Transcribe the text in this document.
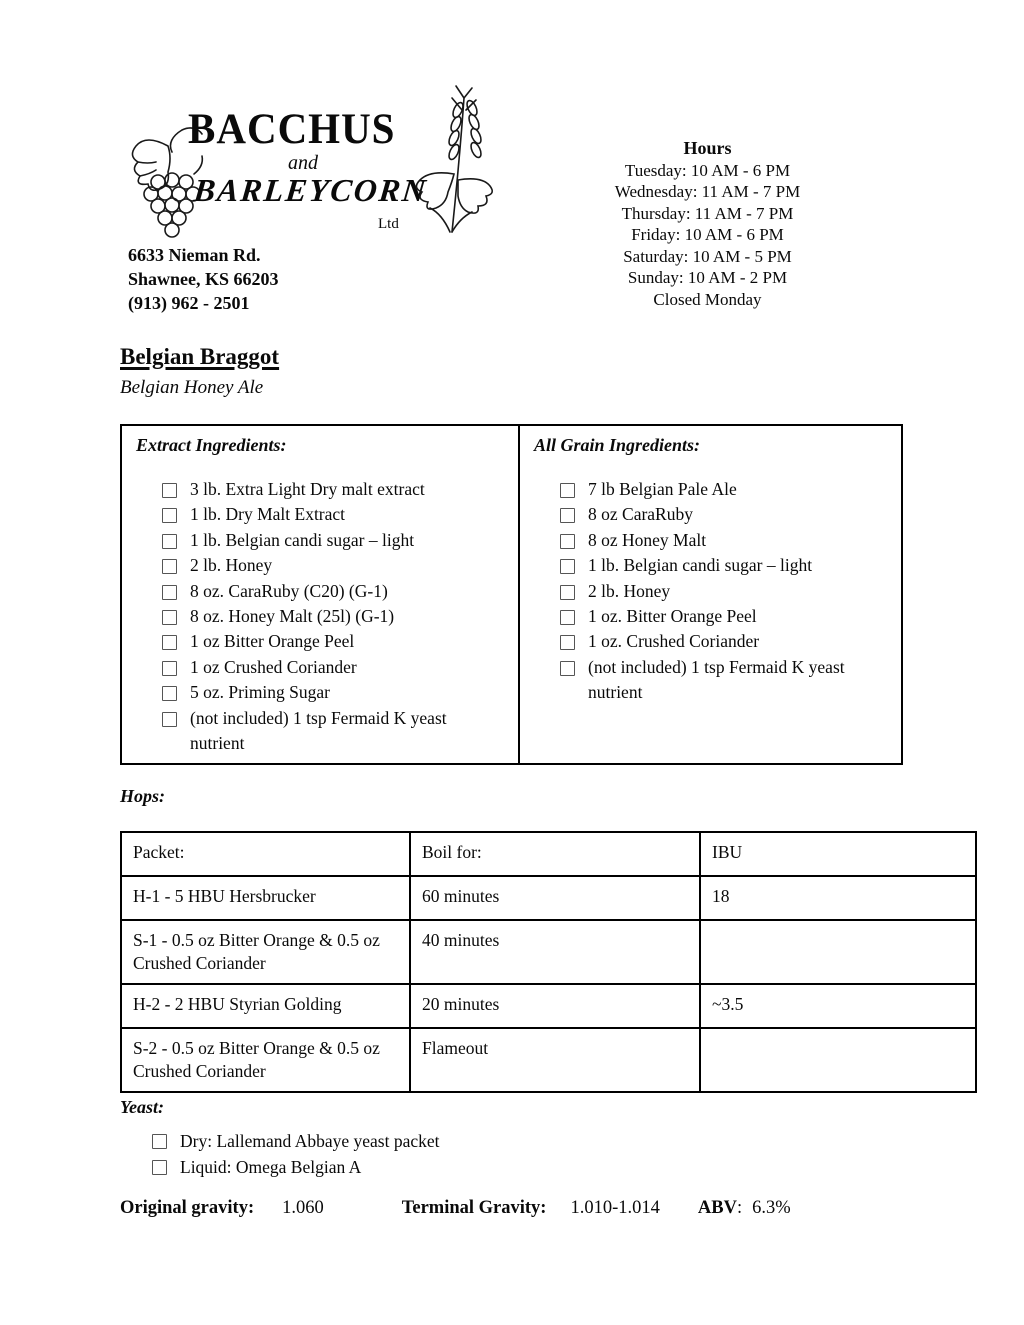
BACCHUS
and
BARLEYCORN
Ltd
6633 Nieman Rd.
Shawnee, KS 66203
(913) 962 - 2501
Hours
Tuesday: 10 AM - 6 PM
Wednesday: 11 AM - 7 PM
Thursday: 11 AM - 7 PM
Friday: 10 AM - 6 PM
Saturday: 10 AM - 5 PM
Sunday: 10 AM - 2 PM
Closed Monday
Belgian Braggot
Belgian Honey Ale
Extract Ingredients:
3 lb. Extra Light Dry malt extract
1 lb. Dry Malt Extract
1 lb. Belgian candi sugar – light
2 lb. Honey
8 oz. CaraRuby (C20) (G-1)
8 oz. Honey Malt (25l) (G-1)
1 oz Bitter Orange Peel
1 oz Crushed Coriander
5 oz. Priming Sugar
(not included) 1 tsp Fermaid K yeast nutrient
All Grain Ingredients:
7 lb Belgian Pale Ale
8 oz CaraRuby
8 oz Honey Malt
1 lb. Belgian candi sugar – light
2 lb. Honey
1 oz. Bitter Orange Peel
1 oz. Crushed Coriander
(not included) 1 tsp Fermaid K yeast nutrient
Hops:
Packet:	Boil for:	IBU
H-1 - 5 HBU Hersbrucker	60 minutes	18
S-1 - 0.5 oz Bitter Orange & 0.5 oz Crushed Coriander	40 minutes	
H-2 - 2 HBU Styrian Golding	20 minutes	~3.5
S-2 - 0.5 oz Bitter Orange & 0.5 oz Crushed Coriander	Flameout	
Yeast:
Dry: Lallemand Abbaye yeast packet
Liquid: Omega Belgian A
Original gravity: 1.060	Terminal Gravity: 1.010-1.014 ABV: 6.3%
